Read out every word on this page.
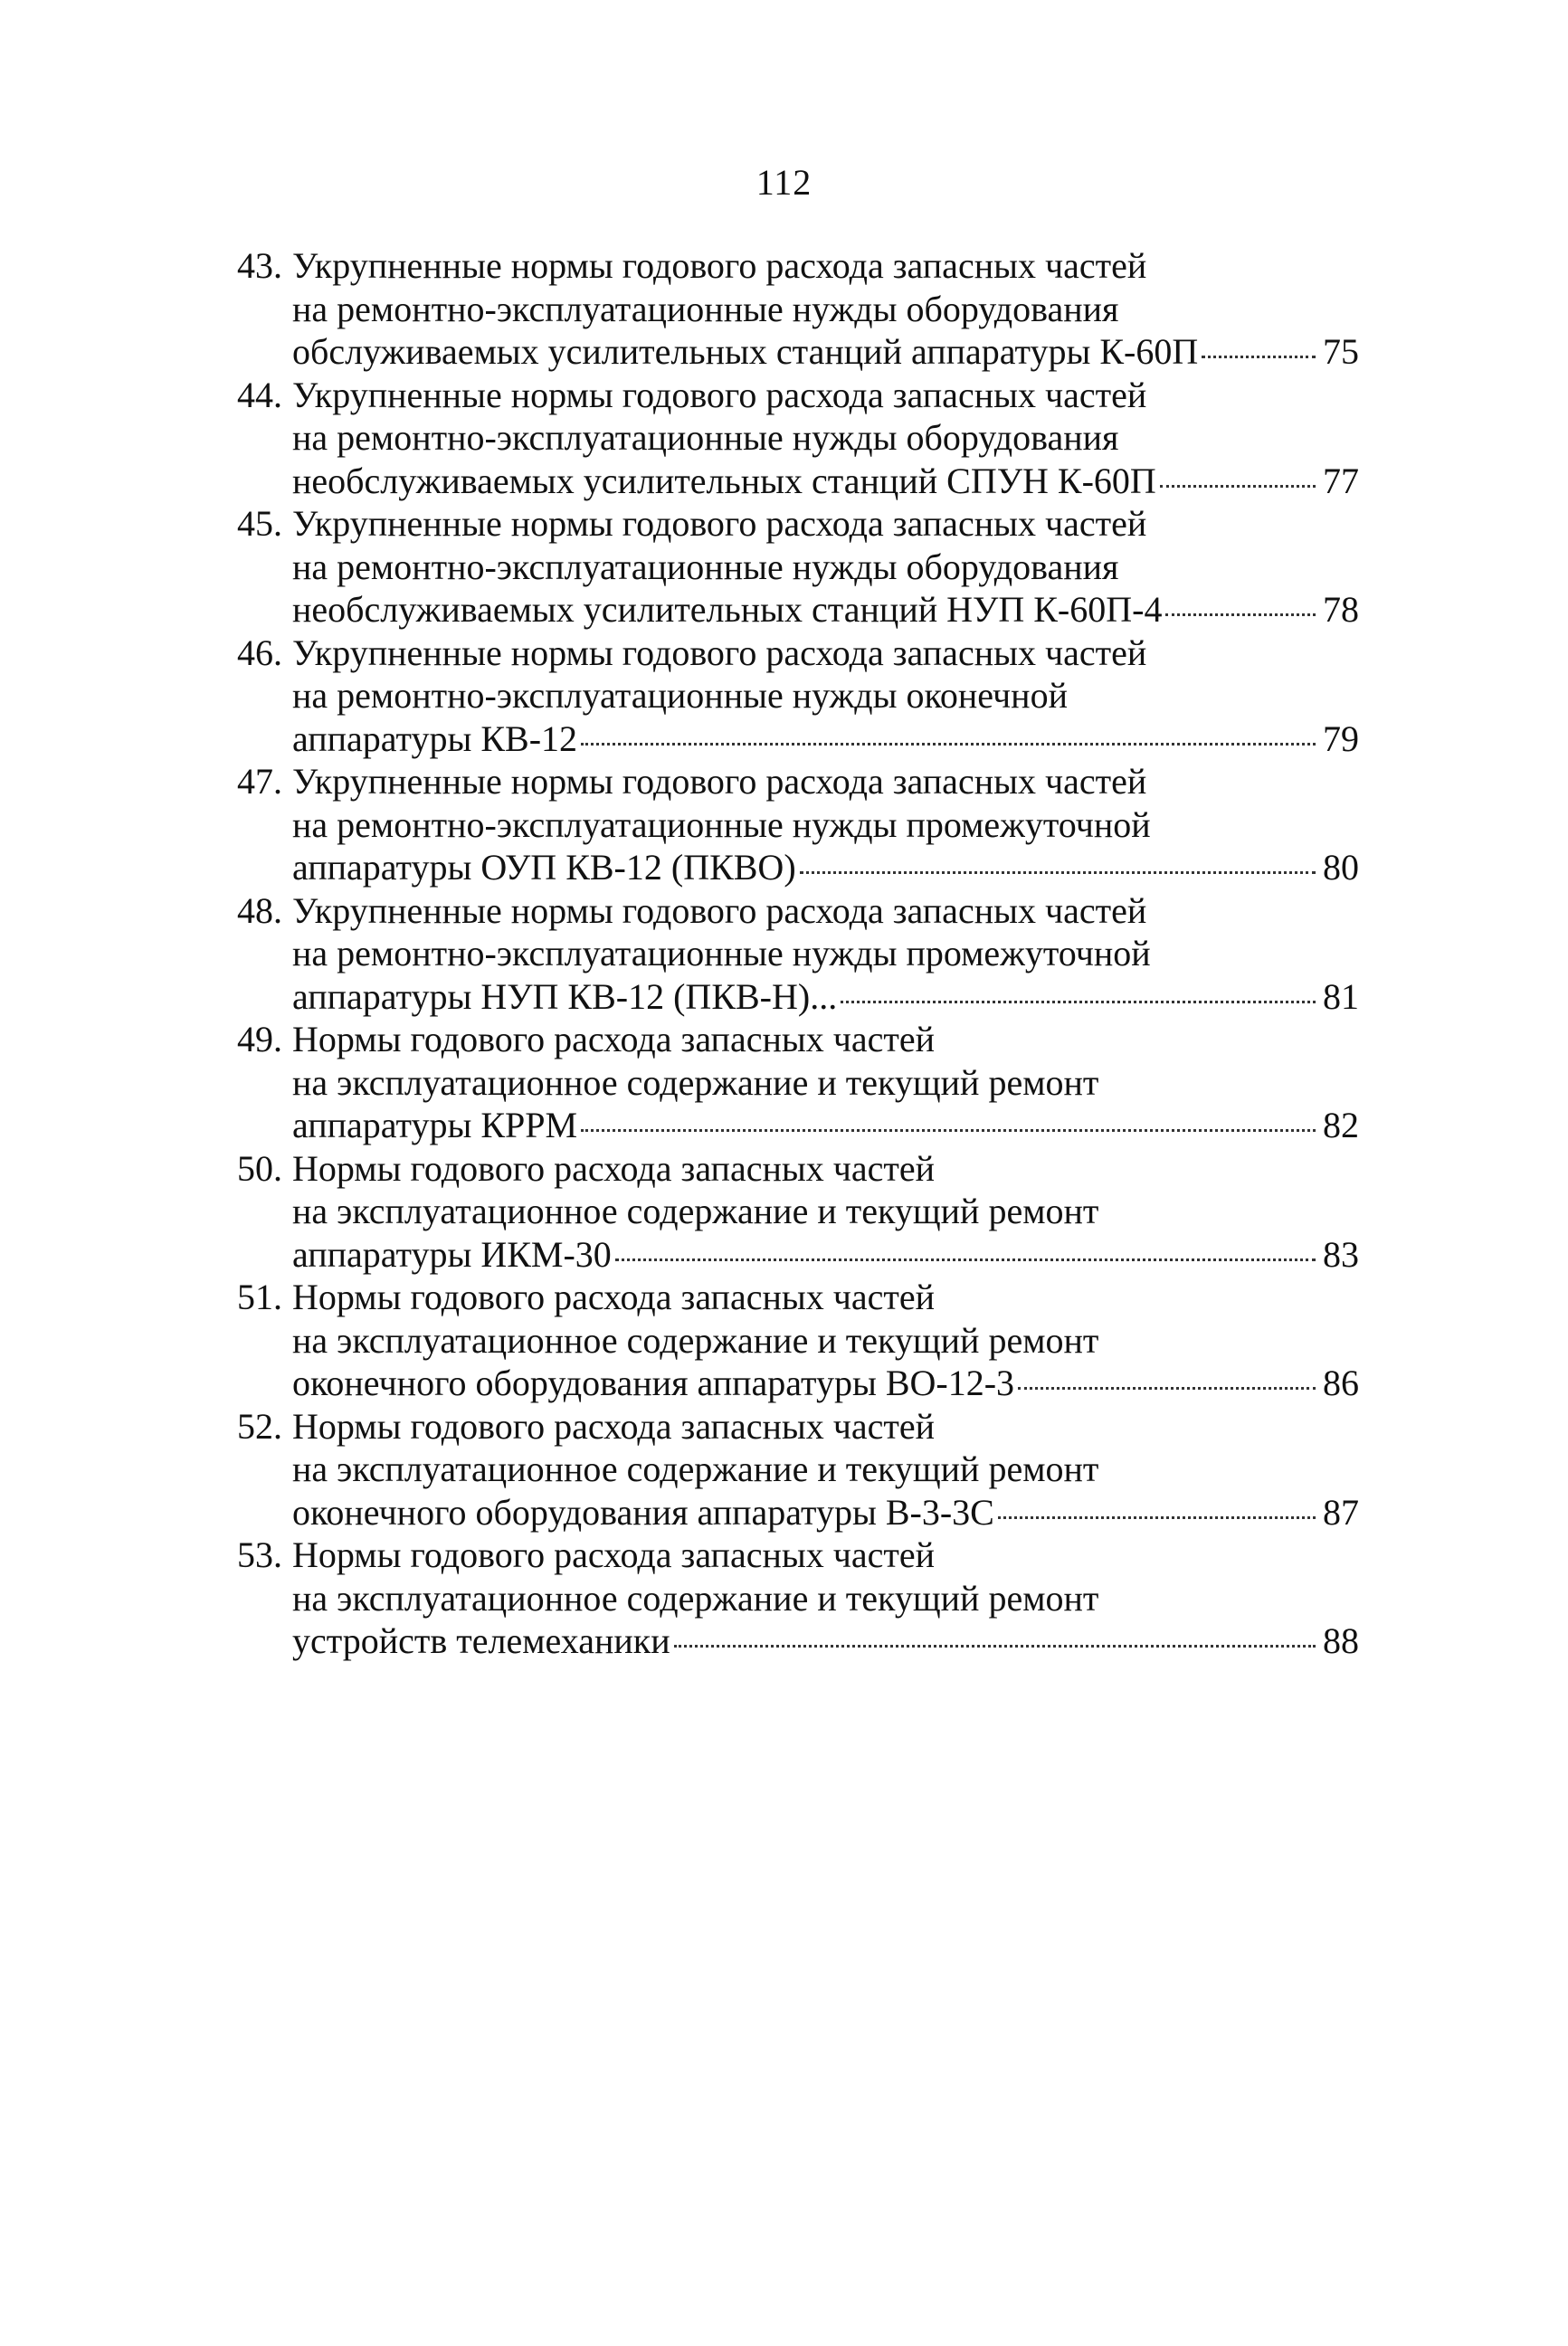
112
43. Укрупненные нормы годового расхода запасных частей
на ремонтно-эксплуатационные нужды оборудования
обслуживаемых усилительных станций аппаратуры К-60П	75
44. Укрупненные нормы годового расхода запасных частей
на ремонтно-эксплуатационные нужды оборудования
необслуживаемых усилительных станций СПУН К-60П	77
45. Укрупненные нормы годового расхода запасных частей
на ремонтно-эксплуатационные нужды оборудования
необслуживаемых усилительных станций НУП К-60П-4	78
46. Укрупненные нормы годового расхода запасных частей
на ремонтно-эксплуатационные нужды оконечной
аппаратуры КВ-12	79
47. Укрупненные нормы годового расхода запасных частей
на ремонтно-эксплуатационные нужды промежуточной
аппаратуры ОУП КВ-12 (ПКВО)	80
48. Укрупненные нормы годового расхода запасных частей
на ремонтно-эксплуатационные нужды промежуточной
аппаратуры НУП КВ-12 (ПКВ-Н)...	81
49. Нормы годового расхода запасных частей
на эксплуатационное содержание и текущий ремонт
аппаратуры КРРМ	82
50. Нормы годового расхода запасных частей
на эксплуатационное содержание и текущий ремонт
аппаратуры ИКМ-30	83
51. Нормы годового расхода запасных частей
на эксплуатационное содержание и текущий ремонт
оконечного оборудования аппаратуры ВО-12-3	86
52. Нормы годового расхода запасных частей
на эксплуатационное содержание и текущий ремонт
оконечного оборудования аппаратуры В-3-3С	87
53. Нормы годового расхода запасных частей
на эксплуатационное содержание и текущий ремонт
устройств телемеханики	88
